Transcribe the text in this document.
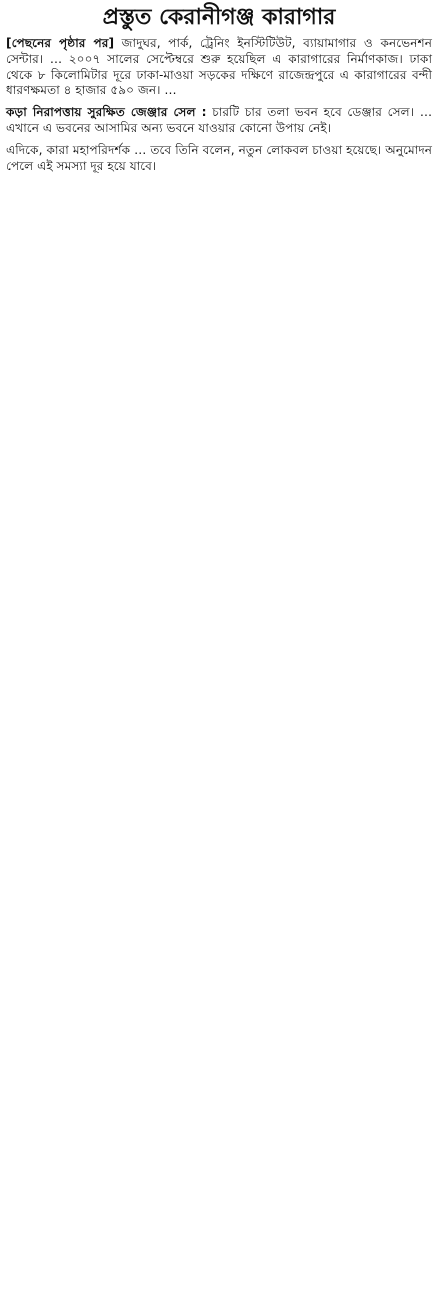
প্রস্তুত কেরানীগঞ্জ কারাগার

[পেছনের পৃষ্ঠার পর] জাদুঘর, পার্ক, ট্রেনিং ইনস্টিটিউট, ব্যায়ামাগার ও কনভেনশন সেন্টার। … ২০০৭ সালের সেপ্টেম্বরে শুরু হয়েছিল এ কারাগারের নির্মাণকাজ। ঢাকা থেকে ৮ কিলোমিটার দূরে ঢাকা-মাওয়া সড়কের দক্ষিণে রাজেন্দ্রপুরে এ কারাগারের বন্দী ধারণক্ষমতা ৪ হাজার ৫৯০ জন। …

কড়া নিরাপত্তায় সুরক্ষিত জেঞ্জার সেল : চারটি চার তলা ভবন হবে ডেঞ্জার সেল। … এখানে এ ভবনের আসামির অন্য ভবনে যাওয়ার কোনো উপায় নেই।

এদিকে, কারা মহাপরিদর্শক … তবে তিনি বলেন, নতুন লোকবল চাওয়া হয়েছে। অনুমোদন পেলে এই সমস্যা দূর হয়ে যাবে।
